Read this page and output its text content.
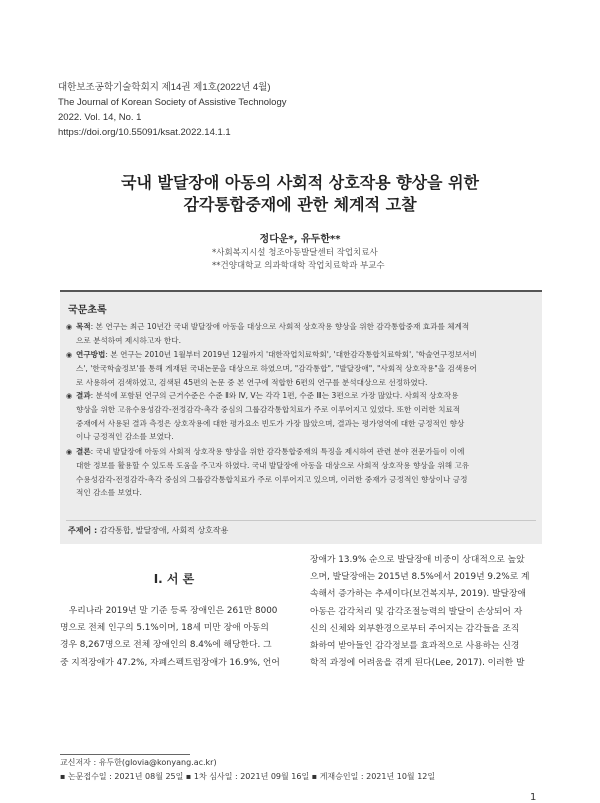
대한보조공학기술학회지 제14권 제1호(2022년 4월)
The Journal of Korean Society of Assistive Technology
2022. Vol. 14, No. 1
https://doi.org/10.55091/ksat.2022.14.1.1
국내 발달장애 아동의 사회적 상호작용 향상을 위한
감각통합중재에 관한 체계적 고찰
정다운*, 유두한**
*사회복지시설 청조아동발달센터 작업치료사
**건양대학교 의과학대학 작업치료학과 부교수
국문초록
◉ 목적: 본 연구는 최근 10년간 국내 발달장애 아동을 대상으로 사회적 상호작용 향상을 위한 감각통합중재 효과를 체계적
으로 분석하여 제시하고자 한다.
◉ 연구방법: 본 연구는 2010년 1월부터 2019년 12월까지 '대한작업치료학회', '대한감각통합치료학회', '학술연구정보서비
스', '한국학술정보'를 통해 게재된 국내논문을 대상으로 하였으며, "감각통합", "발달장애", "사회적 상호작용"을 검색용어
로 사용하여 검색하였고, 검색된 45편의 논문 중 본 연구에 적합한 6편의 연구를 분석대상으로 선정하였다.
◉ 결과: 분석에 포함된 연구의 근거수준은 수준 Ⅱ와 Ⅳ, Ⅴ는 각각 1편, 수준 Ⅲ는 3편으로 가장 많았다. 사회적 상호작용
향상을 위한 고유수용성감각-전정감각-촉각 중심의 그룹감각통합치료가 주로 이루어지고 있었다. 또한 이러한 치료적
중재에서 사용된 결과 측정은 상호작용에 대한 평가요소 빈도가 가장 많았으며, 결과는 평가영역에 대한 긍정적인 향상
이나 긍정적인 감소를 보였다.
◉ 결론: 국내 발달장애 아동의 사회적 상호작용 향상을 위한 감각통합중재의 특징을 제시하여 관련 분야 전문가들이 이에
대한 정보를 활용할 수 있도록 도움을 주고자 하였다. 국내 발달장애 아동을 대상으로 사회적 상호작용 향상을 위해 고유
수용성감각-전정감각-촉각 중심의 그룹감각통합치료가 주로 이루어지고 있으며, 이러한 중재가 긍정적인 향상이나 긍정
적인 감소를 보였다.
주제어 : 감각통합, 발달장애, 사회적 상호작용
Ⅰ. 서 론
　우리나라 2019년 말 기준 등록 장애인은 261만 8000
명으로 전체 인구의 5.1%이며, 18세 미만 장애 아동의
경우 8,267명으로 전체 장애인의 8.4%에 해당한다. 그
중 지적장애가 47.2%, 자폐스펙트럼장애가 16.9%, 언어
장애가 13.9% 순으로 발달장애 비중이 상대적으로 높았
으며, 발달장애는 2015년 8.5%에서 2019년 9.2%로 계
속해서 증가하는 추세이다(보건복지부, 2019). 발달장애
아동은 감각처리 및 감각조절능력의 발달이 손상되어 자
신의 신체와 외부환경으로부터 주어지는 감각들을 조직
화하여 받아들인 감각정보를 효과적으로 사용하는 신경
학적 과정에 어려움을 겪게 된다(Lee, 2017). 이러한 발
교신저자 : 유두한(glovia@konyang.ac.kr)
▪ 논문접수일 : 2021년 08월 25일 ▪ 1차 심사일 : 2021년 09월 16일 ▪ 게재승인일 : 2021년 10월 12일
1
